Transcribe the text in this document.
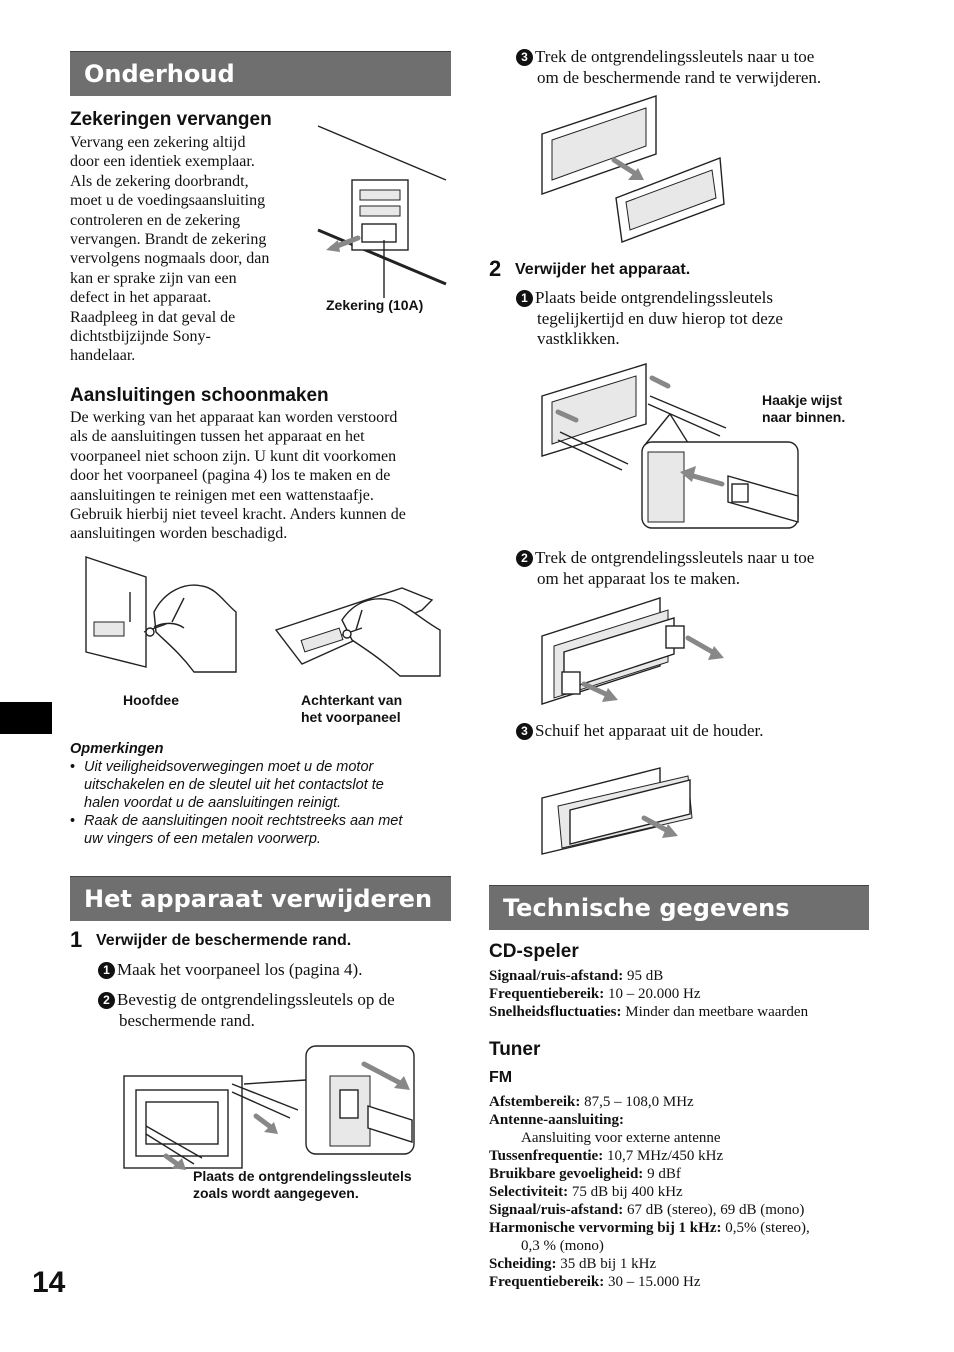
Onderhoud
Zekeringen vervangen
Vervang een zekering altijd
door een identiek exemplaar.
Als de zekering doorbrandt,
moet u de voedingsaansluiting
controleren en de zekering
vervangen. Brandt de zekering
vervolgens nogmaals door, dan
kan er sprake zijn van een
defect in het apparaat.
Raadpleeg in dat geval de
dichtstbijzijnde Sony-
handelaar.
Zekering (10A)
Aansluitingen schoonmaken
De werking van het apparaat kan worden verstoord
als de aansluitingen tussen het apparaat en het
voorpaneel niet schoon zijn. U kunt dit voorkomen
door het voorpaneel (pagina 4) los te maken en de
aansluitingen te reinigen met een wattenstaafje.
Gebruik hierbij niet teveel kracht. Anders kunnen de
aansluitingen worden beschadigd.
Hoofdee	Achterkant van
het voorpaneel
Opmerkingen
• Uit veiligheidsoverwegingen moet u de motor
uitschakelen en de sleutel uit het contactslot te
halen voordat u de aansluitingen reinigt.
• Raak de aansluitingen nooit rechtstreeks aan met
uw vingers of een metalen voorwerp.
Het apparaat verwijderen
1 Verwijder de beschermende rand.
1 Maak het voorpaneel los (pagina 4).
2 Bevestig de ontgrendelingssleutels op de
beschermende rand.
Plaats de ontgrendelingssleutels
zoals wordt aangegeven.
14
3 Trek de ontgrendelingssleutels naar u toe
om de beschermende rand te verwijderen.
2 Verwijder het apparaat.
1 Plaats beide ontgrendelingssleutels
tegelijkertijd en duw hierop tot deze
vastklikken.
Haakje wijst
naar binnen.
2 Trek de ontgrendelingssleutels naar u toe
om het apparaat los te maken.
3 Schuif het apparaat uit de houder.
Technische gegevens
CD-speler
Signaal/ruis-afstand: 95 dB
Frequentiebereik: 10 – 20.000 Hz
Snelheidsfluctuaties: Minder dan meetbare waarden
Tuner
FM
Afstembereik: 87,5 – 108,0 MHz
Antenne-aansluiting:
Aansluiting voor externe antenne
Tussenfrequentie: 10,7 MHz/450 kHz
Bruikbare gevoeligheid: 9 dBf
Selectiviteit: 75 dB bij 400 kHz
Signaal/ruis-afstand: 67 dB (stereo), 69 dB (mono)
Harmonische vervorming bij 1 kHz: 0,5% (stereo),
0,3 % (mono)
Scheiding: 35 dB bij 1 kHz
Frequentiebereik: 30 – 15.000 Hz
